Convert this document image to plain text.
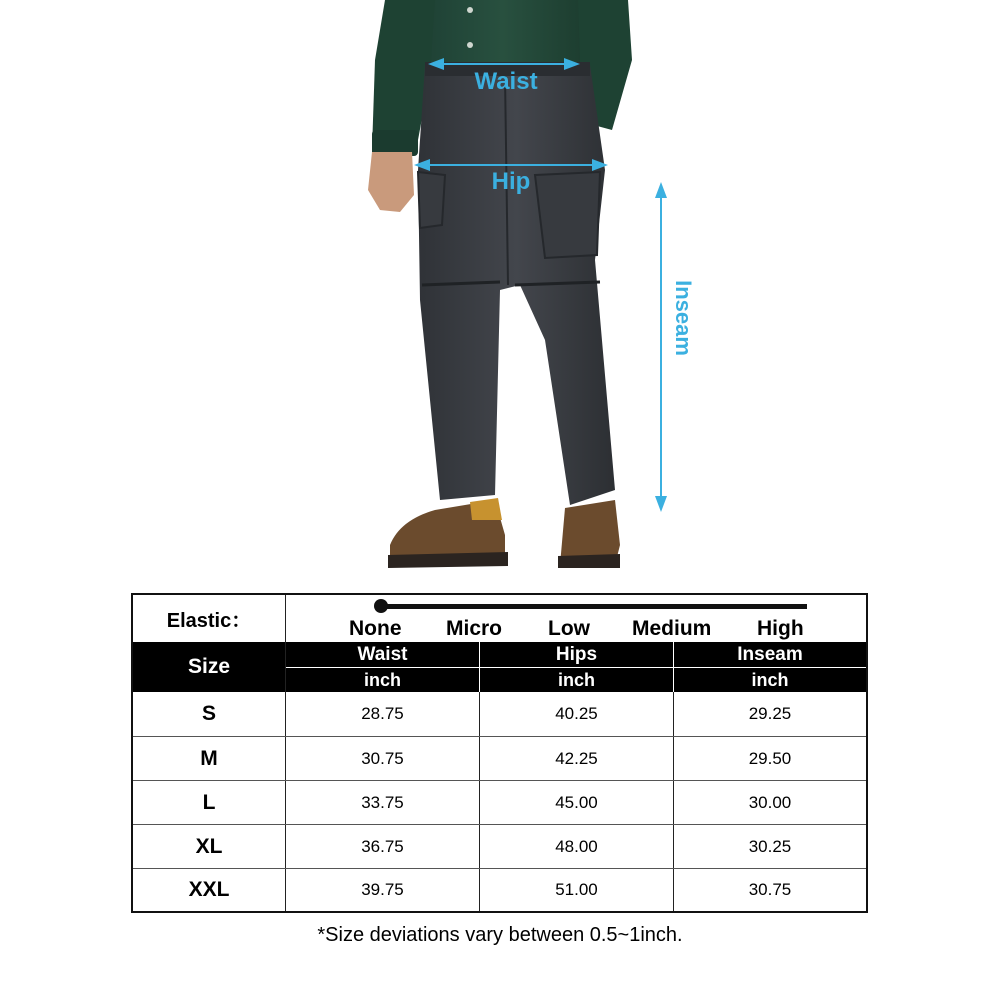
Waist
Hip
Inseam
Elastic：	None Micro Low Medium High
Size
Waist	Hips	Inseam
inch	inch	inch
S	28.75	40.25	29.25
M	30.75	42.25	29.50
L	33.75	45.00	30.00
XL	36.75	48.00	30.25
XXL	39.75	51.00	30.75
*Size deviations vary between 0.5~1inch.
